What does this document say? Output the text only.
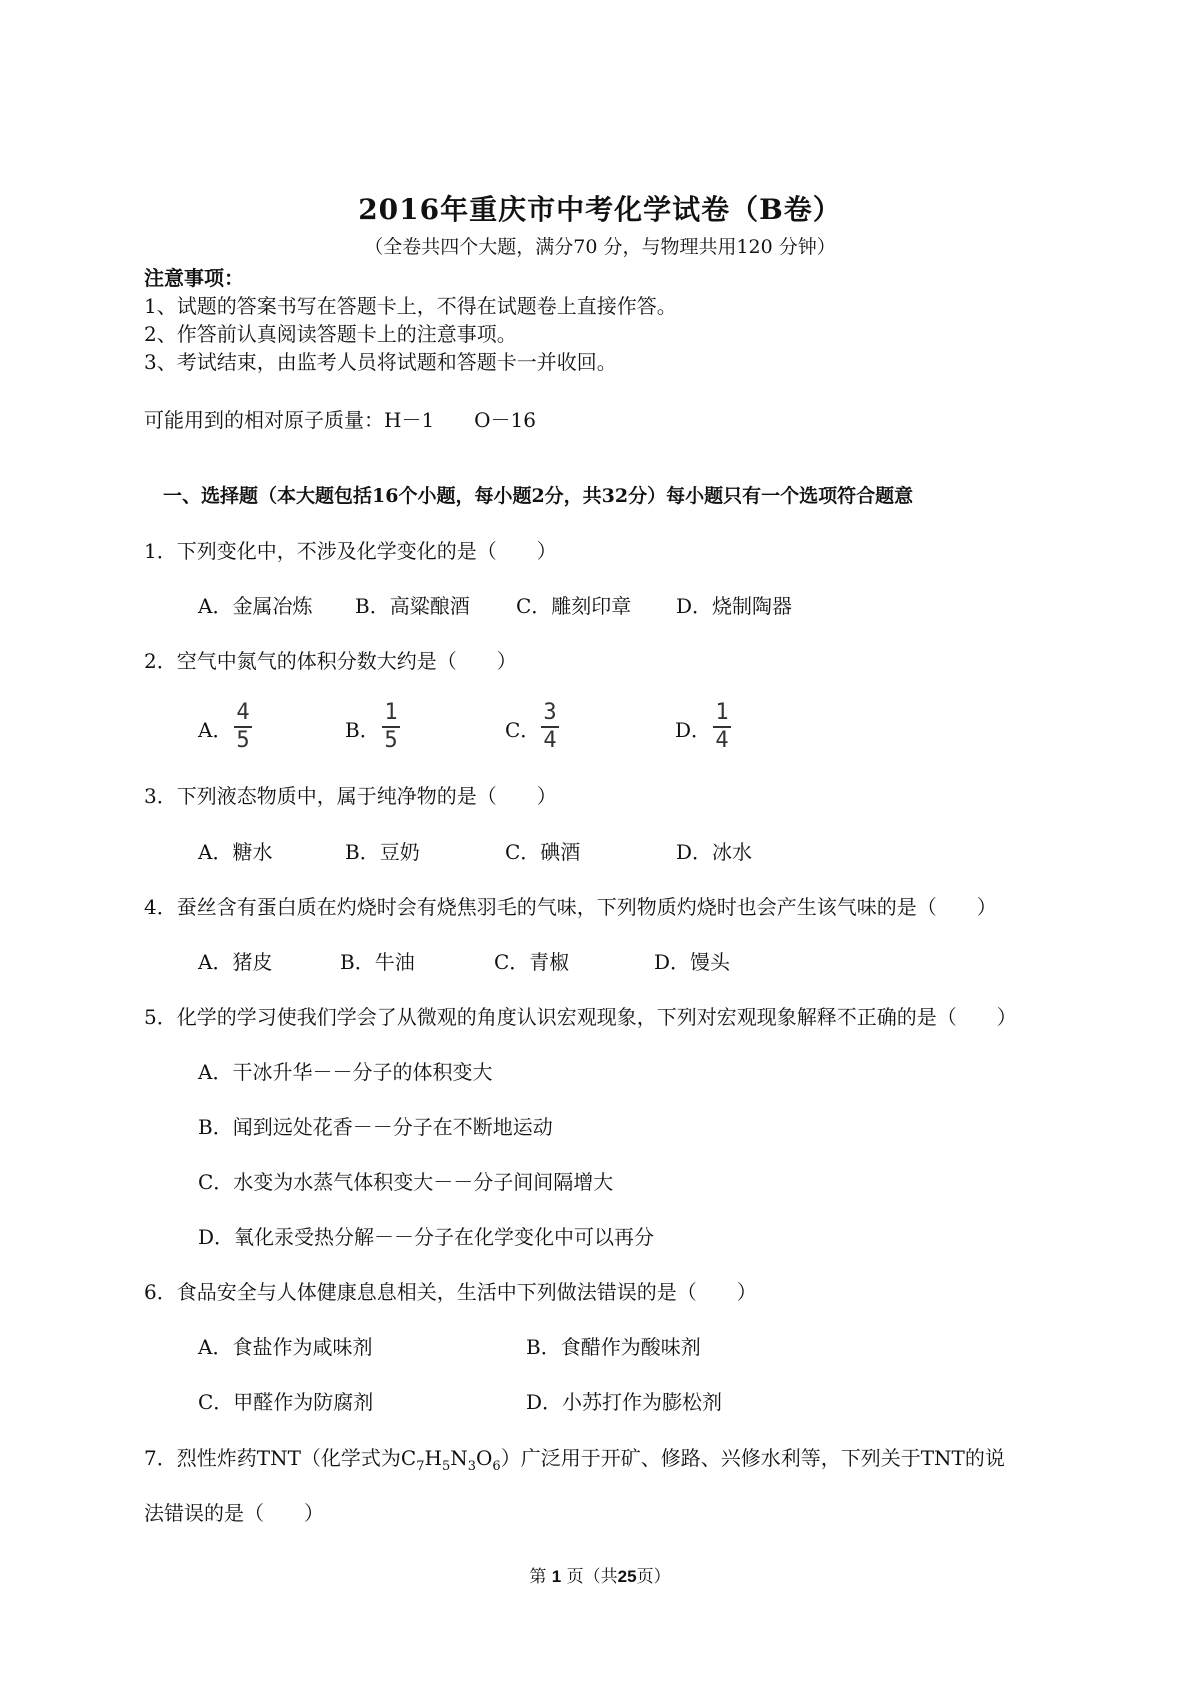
2016年重庆市中考化学试卷（B卷）
（全卷共四个大题，满分70 分，与物理共用120 分钟）
注意事项：
1、试题的答案书写在答题卡上，不得在试题卷上直接作答。
2、作答前认真阅读答题卡上的注意事项。
3、考试结束，由监考人员将试题和答题卡一并收回。
可能用到的相对原子质量：H－1　　O－16
一、选择题（本大题包括16个小题，每小题2分，共32分）每小题只有一个选项符合题意
1．下列变化中，不涉及化学变化的是（　　）
A．金属冶炼 B．高粱酿酒 C．雕刻印章 D．烧制陶器
2．空气中氮气的体积分数大约是（　　）
A．
4
5	B．
1
5	C．
3
4	D．
1
4
3．下列液态物质中，属于纯净物的是（　　）
A．糖水	B．豆奶	C．碘酒	D．冰水
4．蚕丝含有蛋白质在灼烧时会有烧焦羽毛的气味，下列物质灼烧时也会产生该气味的是（　　）
A．猪皮	B．牛油	C．青椒	D．馒头
5．化学的学习使我们学会了从微观的角度认识宏观现象，下列对宏观现象解释不正确的是（　　）
A．干冰升华－－分子的体积变大
B．闻到远处花香－－分子在不断地运动
C．水变为水蒸气体积变大－－分子间间隔增大
D．氧化汞受热分解－－分子在化学变化中可以再分
6．食品安全与人体健康息息相关，生活中下列做法错误的是（　　）
A．食盐作为咸味剂	B．食醋作为酸味剂
C．甲醛作为防腐剂	D．小苏打作为膨松剂
7．烈性炸药TNT（化学式为$C_7H_5N_3O_6$）广泛用于开矿、修路、兴修水利等，下列关于TNT的说
法错误的是（　　）
第 1 页（共25页）
